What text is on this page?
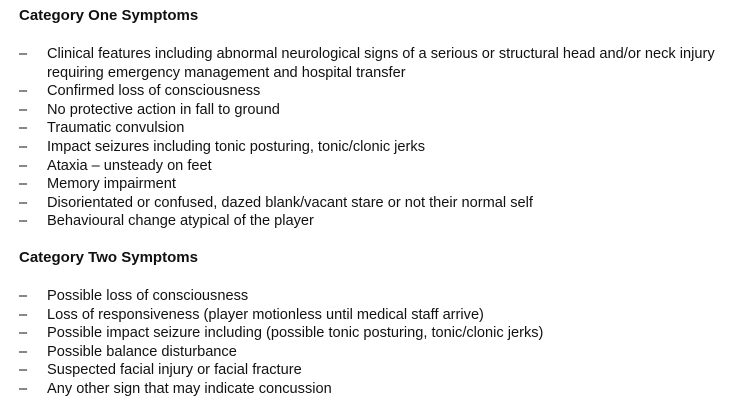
Category One Symptoms
– Clinical features including abnormal neurological signs of a serious or structural head and/or neck injury requiring emergency management and hospital transfer
– Confirmed loss of consciousness
– No protective action in fall to ground
– Traumatic convulsion
– Impact seizures including tonic posturing, tonic/clonic jerks
– Ataxia – unsteady on feet
– Memory impairment
– Disorientated or confused, dazed blank/vacant stare or not their normal self
– Behavioural change atypical of the player
Category Two Symptoms
– Possible loss of consciousness
– Loss of responsiveness (player motionless until medical staff arrive)
– Possible impact seizure including (possible tonic posturing, tonic/clonic jerks)
– Possible balance disturbance
– Suspected facial injury or facial fracture
– Any other sign that may indicate concussion
